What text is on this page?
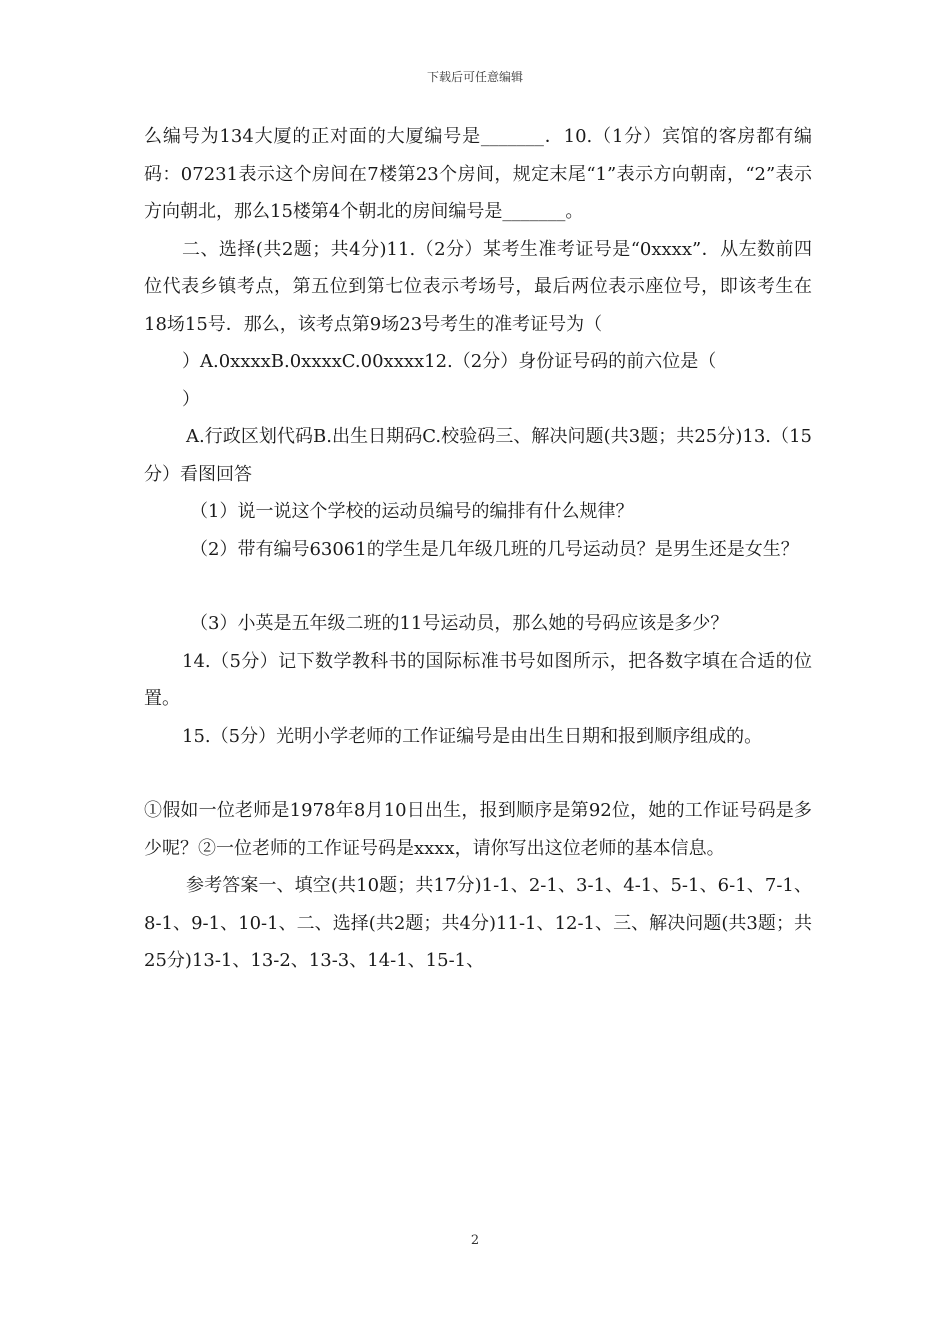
下载后可任意编辑

么编号为134大厦的正对面的大厦编号是_______．10.（1分）宾馆的客房都有编码：07231表示这个房间在7楼第23个房间，规定末尾“1”表示方向朝南，“2”表示方向朝北，那么15楼第4个朝北的房间编号是_______。

二、选择(共2题；共4分)11.（2分）某考生准考证号是“0xxxx”．从左数前四位代表乡镇考点，第五位到第七位表示考场号，最后两位表示座位号，即该考生在18场15号．那么，该考点第9场23号考生的准考证号为（

）A.0xxxxB.0xxxxC.00xxxx12.（2分）身份证号码的前六位是（

）

A.行政区划代码B.出生日期码C.校验码三、解决问题(共3题；共25分)13.（15分）看图回答

（1）说一说这个学校的运动员编号的编排有什么规律？

（2）带有编号63061的学生是几年级几班的几号运动员？是男生还是女生？

（3）小英是五年级二班的11号运动员，那么她的号码应该是多少？

14.（5分）记下数学教科书的国际标准书号如图所示，把各数字填在合适的位置。

15.（5分）光明小学老师的工作证编号是由出生日期和报到顺序组成的。

①假如一位老师是1978年8月10日出生，报到顺序是第92位，她的工作证号码是多少呢？②一位老师的工作证号码是xxxx，请你写出这位老师的基本信息。

参考答案一、填空(共10题；共17分)1-1、2-1、3-1、4-1、5-1、6-1、7-1、8-1、9-1、10-1、二、选择(共2题；共4分)11-1、12-1、三、解决问题(共3题；共25分)13-1、13-2、13-3、14-1、15-1、

2
